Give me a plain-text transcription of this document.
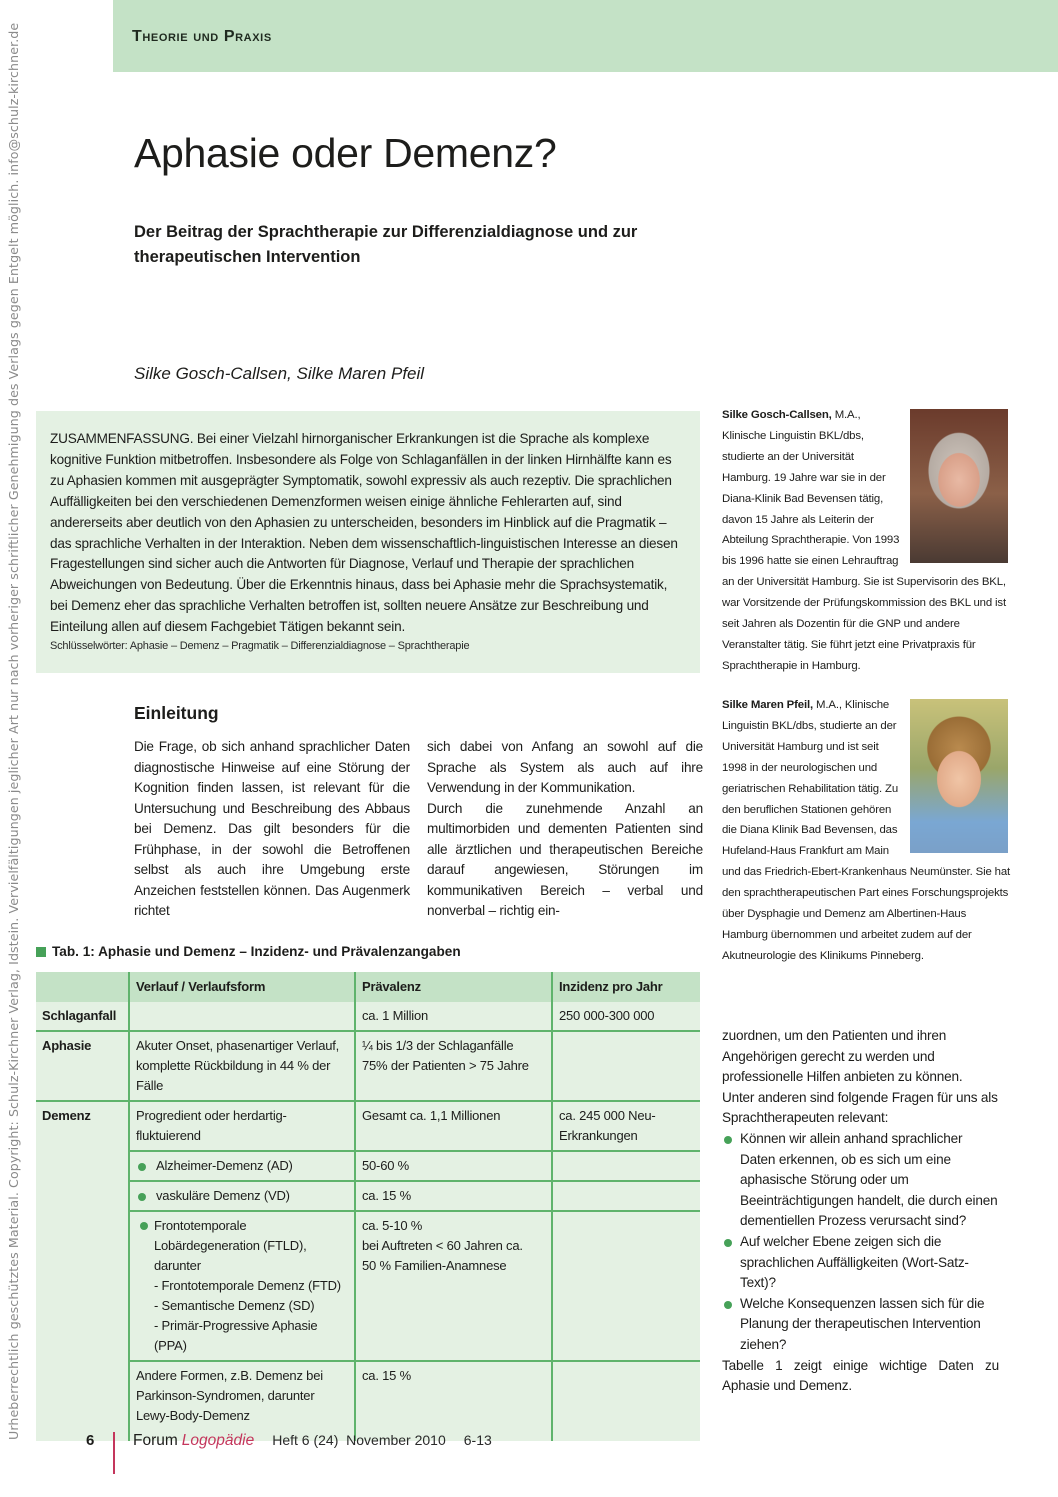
Urheberrechtlich geschütztes Material. Copyright: Schulz-Kirchner Verlag, Idstein. Vervielfältigungen jeglicher Art nur nach vorheriger schriftlicher Genehmigung des Verlags gegen Entgelt möglich. info@schulz-kirchner.de	Theorie und Praxis
Aphasie oder Demenz?
Der Beitrag der Sprachtherapie zur Differenzialdiagnose und zur therapeutischen Intervention
Silke Gosch-Callsen, Silke Maren Pfeil

ZUSAMMENFASSUNG. Bei einer Vielzahl hirnorganischer Erkrankungen ist die Sprache als komplexe kognitive Funktion mitbetroffen. Insbesondere als Folge von Schlaganfällen in der linken Hirnhälfte kann es zu Aphasien kommen mit ausgeprägter Symptomatik, sowohl expressiv als auch rezeptiv. Die sprachlichen Auffälligkeiten bei den verschiedenen Demenzformen weisen einige ähnliche Fehlerarten auf, sind andererseits aber deutlich von den Aphasien zu unterscheiden, besonders im Hinblick auf die Pragmatik – das sprachliche Verhalten in der Interaktion. Neben dem wissenschaftlich-linguistischen Interesse an diesen Fragestellungen sind sicher auch die Antworten für Diagnose, Verlauf und Therapie der sprachlichen Abweichungen von Bedeutung. Über die Erkenntnis hinaus, dass bei Aphasie mehr die Sprachsystematik, bei Demenz eher das sprachliche Verhalten betroffen ist, sollten neuere Ansätze zur Beschreibung und Einteilung allen auf diesem Fachgebiet Tätigen bekannt sein.

Schlüsselwörter: Aphasie – Demenz – Pragmatik – Differenzialdiagnose – Sprachtherapie

Silke Gosch-Callsen, M.A., Klinische Linguistin BKL/dbs, studierte an der Universität Hamburg. 19 Jahre war sie in der Diana-Klinik Bad Bevensen tätig, davon 15 Jahre als Leiterin der Abteilung Sprachtherapie. Von 1993 bis 1996 hatte sie einen Lehrauftrag an der Universität Hamburg. Sie ist Supervisorin des BKL, war Vorsitzende der Prüfungskommission des BKL und ist seit Jahren als Dozentin für die GNP und andere Veranstalter tätig. Sie führt jetzt eine Privatpraxis für Sprachtherapie in Hamburg.
Silke Maren Pfeil, M.A., Klinische Linguistin BKL/dbs, studierte an der Universität Hamburg und ist seit 1998 in der neurologischen und geriatrischen Rehabilitation tätig. Zu den beruflichen Stationen gehören die Diana Klinik Bad Bevensen, das Hufeland-Haus Frankfurt am Main und das Friedrich-Ebert-Krankenhaus Neumünster. Sie hat den sprachtherapeutischen Part eines Forschungsprojekts über Dysphagie und Demenz am Albertinen-Haus Hamburg übernommen und arbeitet zudem auf der Akutneurologie des Klinikums Pinneberg.
Einleitung
Die Frage, ob sich anhand sprachlicher Daten diagnostische Hinweise auf eine Störung der Kognition finden lassen, ist relevant für die Untersuchung und Beschreibung des Abbaus bei Demenz. Das gilt besonders für die Frühphase, in der sowohl die Betroffenen selbst als auch ihre Umgebung erste Anzeichen feststellen können. Das Augenmerk richtet

sich dabei von Anfang an sowohl auf die Sprache als System als auch auf ihre Verwendung in der Kommunikation.

Durch die zunehmende Anzahl an multimorbiden und dementen Patienten sind alle ärztlichen und therapeutischen Bereiche darauf angewiesen, Störungen im kommunikativen Bereich – verbal und nonverbal – richtig ein-

Tab. 1: Aphasie und Demenz – Inzidenz- und Prävalenzangaben
	Verlauf / Verlaufsform	Prävalenz	Inzidenz pro Jahr
Schlaganfall		ca. 1 Million	250 000-300 000
Aphasie	Akuter Onset, phasenartiger Verlauf, komplette Rückbildung in 44 % der Fälle	¼ bis 1/3 der Schlaganfälle
75% der Patienten > 75 Jahre	

Demenz	Progredient oder herdartig-fluktuierend	Gesamt ca. 1,1 Millionen	ca. 245 000 Neu-Erkrankungen
	Alzheimer-Demenz (AD)	50-60 %	
	vaskuläre Demenz (VD)	ca. 15 %	

	Frontotemporale Lobärdegeneration (FTLD), darunter
- Frontotemporale Demenz (FTD)
- Semantische Demenz (SD)
- Primär-Progressive Aphasie (PPA)	ca. 5-10 %
bei Auftreten < 60 Jahren ca.
50 % Familien-Anamnese	

	Andere Formen, z.B. Demenz bei Parkinson-Syndromen, darunter Lewy-Body-Demenz	ca. 15 %	

zuordnen, um den Patienten und ihren Angehörigen gerecht zu werden und professionelle Hilfen anbieten zu können.

Unter anderen sind folgende Fragen für uns als Sprachtherapeuten relevant:

Können wir allein anhand sprachlicher Daten erkennen, ob es sich um eine aphasische Störung oder um Beeinträchtigungen handelt, die durch einen dementiellen Prozess verursacht sind?
Auf welcher Ebene zeigen sich die sprachlichen Auffälligkeiten (Wort-Satz-Text)?
Welche Konsequenzen lassen sich für die Planung der therapeutischen Intervention ziehen?

Tabelle 1 zeigt einige wichtige Daten zu Aphasie und Demenz.

6	Forum Logopädie Heft 6 (24)  November 2010 6-13
